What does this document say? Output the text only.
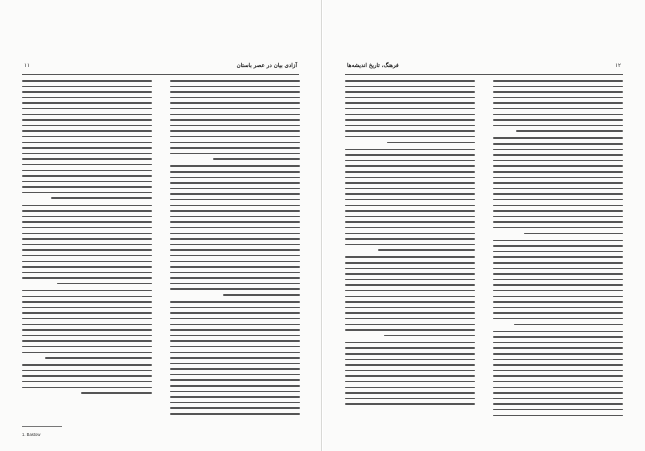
۱۱	آزادی بیان در عصر باستان
1. Bastow
۱۲
فرهنگ، تاریخ اندیشه‌ها
